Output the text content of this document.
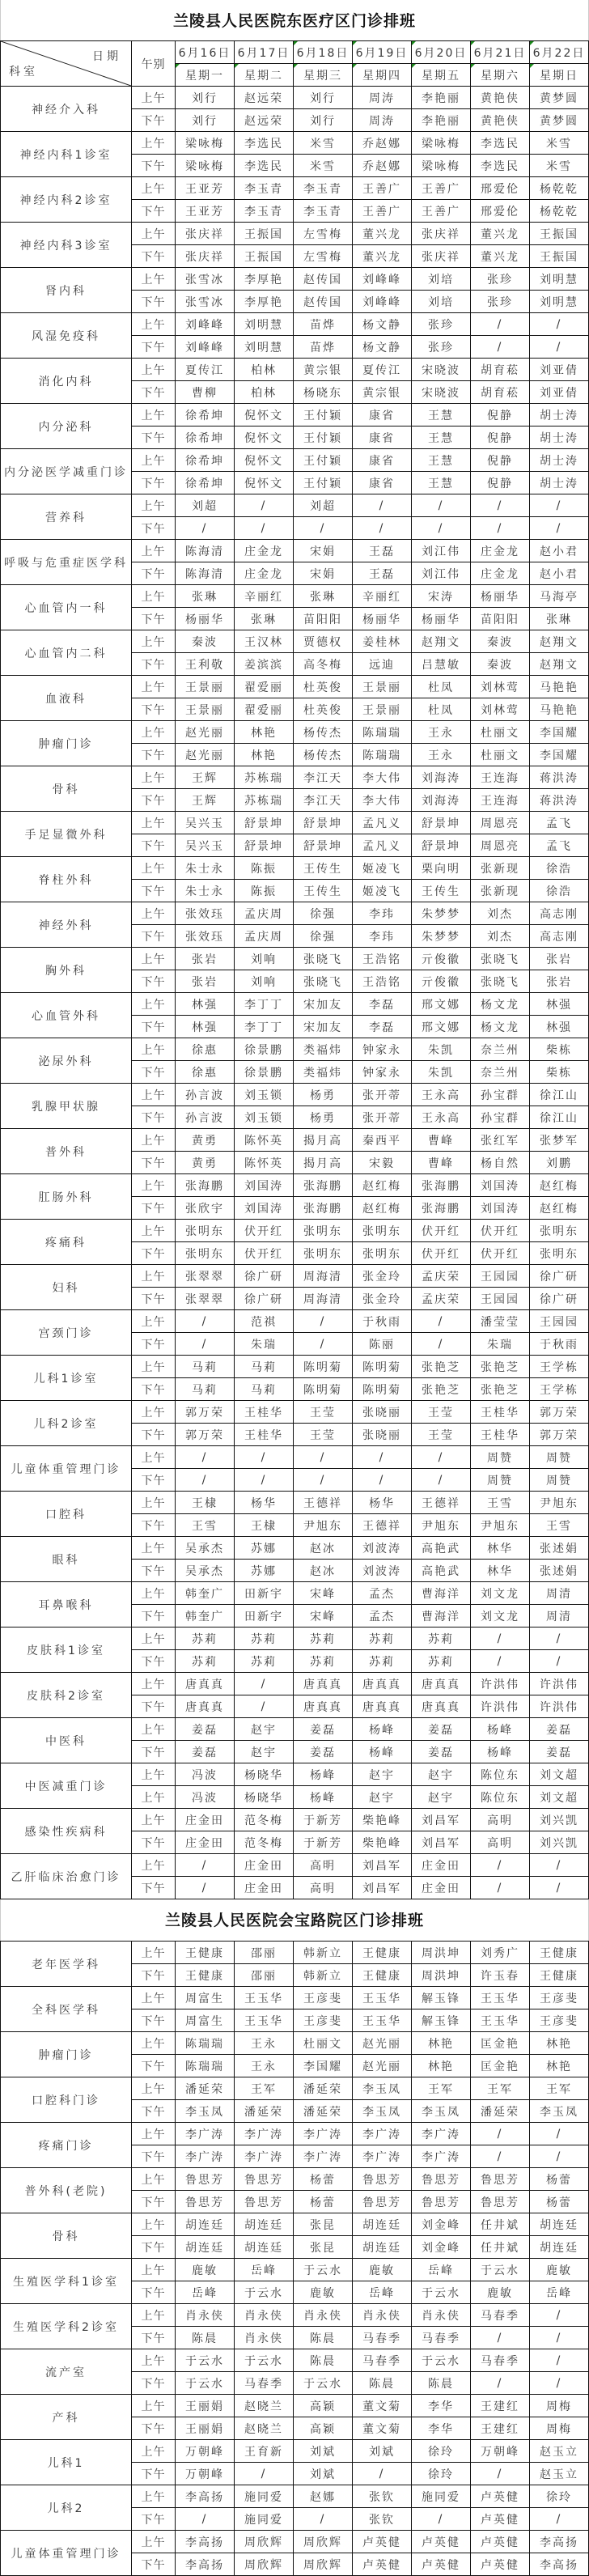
兰陵县人民医院东医疗区门诊排班
日期
科室	午别	6月16日	6月17日	6月18日	6月19日	6月20日	6月21日	6月22日
		星期一	星期二	星期三	星期四	星期五	星期六	星期日
神经介入科	上午	刘行	赵远荣	刘行	周涛	李艳丽	黄艳侠	黄梦圆
	下午	刘行	赵远荣	刘行	周涛	李艳丽	黄艳侠	黄梦圆
神经内科1诊室	上午	梁咏梅	李选民	米雪	乔赵娜	梁咏梅	李选民	米雪
	下午	梁咏梅	李选民	米雪	乔赵娜	梁咏梅	李选民	米雪
神经内科2诊室	上午	王亚芳	李玉青	李玉青	王善广	王善广	邢爱伦	杨乾乾
	下午	王亚芳	李玉青	李玉青	王善广	王善广	邢爱伦	杨乾乾
神经内科3诊室	上午	张庆祥	王振国	左雪梅	董兴龙	张庆祥	董兴龙	王振国
	下午	张庆祥	王振国	左雪梅	董兴龙	张庆祥	董兴龙	王振国
肾内科	上午	张雪冰	李厚艳	赵传国	刘峰峰	刘培	张珍	刘明慧
	下午	张雪冰	李厚艳	赵传国	刘峰峰	刘培	张珍	刘明慧
风湿免疫科	上午	刘峰峰	刘明慧	苗烨	杨文静	张珍	/	/
	下午	刘峰峰	刘明慧	苗烨	杨文静	张珍	/	/
消化内科	上午	夏传江	柏林	黄宗银	夏传江	宋晓波	胡育菘	刘亚倩
	下午	曹柳	柏林	杨晓东	黄宗银	宋晓波	胡育菘	刘亚倩
内分泌科	上午	徐希坤	倪怀文	王付颖	康省	王慧	倪静	胡士涛
	下午	徐希坤	倪怀文	王付颖	康省	王慧	倪静	胡士涛
内分泌医学减重门诊	上午	徐希坤	倪怀文	王付颖	康省	王慧	倪静	胡士涛
	下午	徐希坤	倪怀文	王付颖	康省	王慧	倪静	胡士涛
营养科	上午	刘超	/	刘超	/	/	/	/
	下午	/	/	/	/	/	/	/
呼吸与危重症医学科	上午	陈海清	庄金龙	宋娟	王磊	刘江伟	庄金龙	赵小君
	下午	陈海清	庄金龙	宋娟	王磊	刘江伟	庄金龙	赵小君
心血管内一科	上午	张琳	辛丽红	张琳	辛丽红	宋涛	杨丽华	马海亭
	下午	杨丽华	张琳	苗阳阳	杨丽华	杨丽华	苗阳阳	张琳
心血管内二科	上午	秦波	王汉林	贾德权	姜桂林	赵翔文	秦波	赵翔文
	下午	王利敬	姜滨滨	高冬梅	远迪	吕慧敏	秦波	赵翔文
血液科	上午	王景丽	翟爱丽	杜英俊	王景丽	杜凤	刘林莺	马艳艳
	下午	王景丽	翟爱丽	杜英俊	王景丽	杜凤	刘林莺	马艳艳
肿瘤门诊	上午	赵光丽	林艳	杨传杰	陈瑞瑞	王永	杜丽文	李国耀
	下午	赵光丽	林艳	杨传杰	陈瑞瑞	王永	杜丽文	李国耀
骨科	上午	王辉	苏栋瑞	李江天	李大伟	刘海涛	王连海	蒋洪涛
	下午	王辉	苏栋瑞	李江天	李大伟	刘海涛	王连海	蒋洪涛
手足显微外科	上午	吴兴玉	舒景坤	舒景坤	孟凡义	舒景坤	周恩亮	孟飞
	下午	吴兴玉	舒景坤	舒景坤	孟凡义	舒景坤	周恩亮	孟飞
脊柱外科	上午	朱士永	陈振	王传生	姬凌飞	栗向明	张新现	徐浩
	下午	朱士永	陈振	王传生	姬凌飞	王传生	张新现	徐浩
神经外科	上午	张效珏	孟庆周	徐强	李玮	朱梦梦	刘杰	高志刚
	下午	张效珏	孟庆周	徐强	李玮	朱梦梦	刘杰	高志刚
胸外科	上午	张岩	刘响	张晓飞	王浩铭	亓俊徽	张晓飞	张岩
	下午	张岩	刘响	张晓飞	王浩铭	亓俊徽	张晓飞	张岩
心血管外科	上午	林强	李丁丁	宋加友	李磊	邢文娜	杨文龙	林强
	下午	林强	李丁丁	宋加友	李磊	邢文娜	杨文龙	林强
泌尿外科	上午	徐惠	徐景鹏	类福炜	钟家永	朱凯	奈兰州	柴栋
	下午	徐惠	徐景鹏	类福炜	钟家永	朱凯	奈兰州	柴栋
乳腺甲状腺	上午	孙言波	刘玉锁	杨勇	张开蒂	王永高	孙宝群	徐江山
	下午	孙言波	刘玉锁	杨勇	张开蒂	王永高	孙宝群	徐江山
普外科	上午	黄勇	陈怀英	揭月高	秦西平	曹峰	张红军	张梦军
	下午	黄勇	陈怀英	揭月高	宋毅	曹峰	杨自然	刘鹏
肛肠外科	上午	张海鹏	刘国涛	张海鹏	赵红梅	张海鹏	刘国涛	赵红梅
	下午	张欣宇	刘国涛	张海鹏	赵红梅	张海鹏	刘国涛	赵红梅
疼痛科	上午	张明东	伏开红	张明东	张明东	伏开红	伏开红	张明东
	下午	张明东	伏开红	张明东	张明东	伏开红	伏开红	张明东
妇科	上午	张翠翠	徐广研	周海清	张金玲	孟庆荣	王园园	徐广研
	下午	张翠翠	徐广研	周海清	张金玲	孟庆荣	王园园	徐广研
宫颈门诊	上午	/	范祺	/	于秋雨	/	潘莹莹	王园园
	下午	/	朱瑞	/	陈丽	/	朱瑞	于秋雨
儿科1诊室	上午	马莉	马莉	陈明菊	陈明菊	张艳芝	张艳芝	王学栋
	下午	马莉	马莉	陈明菊	陈明菊	张艳芝	张艳芝	王学栋
儿科2诊室	上午	郭万荣	王桂华	王莹	张晓丽	王莹	王桂华	郭万荣
	下午	郭万荣	王桂华	王莹	张晓丽	王莹	王桂华	郭万荣
儿童体重管理门诊	上午	/	/	/	/	/	周赞	周赞
	下午	/	/	/	/	/	周赞	周赞
口腔科	上午	王棣	杨华	王德祥	杨华	王德祥	王雪	尹旭东
	下午	王雪	王棣	尹旭东	王德祥	尹旭东	尹旭东	王雪
眼科	上午	吴承杰	苏娜	赵冰	刘波涛	高艳武	林华	张述娟
	下午	吴承杰	苏娜	赵冰	刘波涛	高艳武	林华	张述娟
耳鼻喉科	上午	韩奎广	田新宇	宋峰	孟杰	曹海洋	刘文龙	周清
	下午	韩奎广	田新宇	宋峰	孟杰	曹海洋	刘文龙	周清
皮肤科1诊室	上午	苏莉	苏莉	苏莉	苏莉	苏莉	/	/
	下午	苏莉	苏莉	苏莉	苏莉	苏莉	/	/
皮肤科2诊室	上午	唐真真	/	唐真真	唐真真	唐真真	许洪伟	许洪伟
	下午	唐真真	/	唐真真	唐真真	唐真真	许洪伟	许洪伟
中医科	上午	姜磊	赵宇	姜磊	杨峰	姜磊	杨峰	姜磊
	下午	姜磊	赵宇	姜磊	杨峰	姜磊	杨峰	姜磊
中医减重门诊	上午	冯波	杨晓华	杨峰	赵宇	赵宇	陈位东	刘文超
	上午	冯波	杨晓华	杨峰	赵宇	赵宇	陈位东	刘文超
感染性疾病科	上午	庄金田	范冬梅	于新芳	柴艳峰	刘昌军	高明	刘兴凯
	下午	庄金田	范冬梅	于新芳	柴艳峰	刘昌军	高明	刘兴凯
乙肝临床治愈门诊	上午	/	庄金田	高明	刘昌军	庄金田	/	/
	下午	/	庄金田	高明	刘昌军	庄金田	/	/
兰陵县人民医院会宝路院区门诊排班
老年医学科	上午	王健康	邵丽	韩新立	王健康	周洪坤	刘秀广	王健康
	下午	王健康	邵丽	韩新立	王健康	周洪坤	许玉春	王健康
全科医学科	上午	周富生	王玉华	王彦斐	王玉华	解玉锋	王玉华	王彦斐
	下午	周富生	王玉华	王彦斐	王玉华	解玉锋	王玉华	王彦斐
肿瘤门诊	上午	陈瑞瑞	王永	杜丽文	赵光丽	林艳	匡金艳	林艳
	下午	陈瑞瑞	王永	李国耀	赵光丽	林艳	匡金艳	林艳
口腔科门诊	上午	潘延荣	王军	潘延荣	李玉凤	王军	王军	王军
	下午	李玉凤	潘延荣	潘延荣	李玉凤	李玉凤	潘延荣	李玉凤
疼痛门诊	上午	李广涛	李广涛	李广涛	李广涛	李广涛	/	/
	下午	李广涛	李广涛	李广涛	李广涛	李广涛	/	/
普外科(老院)	上午	鲁思芳	鲁思芳	杨蕾	鲁思芳	鲁思芳	鲁思芳	杨蕾
	下午	鲁思芳	鲁思芳	杨蕾	鲁思芳	鲁思芳	鲁思芳	杨蕾
骨科	上午	胡连廷	胡连廷	张昆	胡连廷	刘金峰	任井斌	胡连廷
	下午	胡连廷	胡连廷	张昆	胡连廷	刘金峰	任井斌	胡连廷
生殖医学科1诊室	上午	鹿敏	岳峰	于云水	鹿敏	岳峰	于云水	鹿敏
	下午	岳峰	于云水	鹿敏	岳峰	于云水	鹿敏	岳峰
生殖医学科2诊室	上午	肖永侠	肖永侠	肖永侠	肖永侠	肖永侠	马春季	/
	下午	陈晨	肖永侠	陈晨	马春季	马春季	/	/
流产室	上午	于云水	于云水	陈晨	马春季	于云水	马春季	/
	下午	于云水	马春季	于云水	陈晨	陈晨	/	/
产科	上午	王丽娟	赵晓兰	高颖	董文菊	李华	王建红	周梅
	下午	王丽娟	赵晓兰	高颖	董文菊	李华	王建红	周梅
儿科1	上午	万朝峰	王育新	刘斌	刘斌	徐玲	万朝峰	赵玉立
	下午	万朝峰	/	刘斌	/	徐玲	/	赵玉立
儿科2	上午	李高扬	施同爱	赵娜	张钦	施同爱	卢英健	徐玲
	下午	/	施同爱	/	张钦	/	卢英健	/
儿童体重管理门诊	上午	李高扬	周欣辉	周欣辉	卢英健	卢英健	卢英健	李高扬
	下午	李高扬	周欣辉	周欣辉	卢英健	卢英健	卢英健	李高扬
